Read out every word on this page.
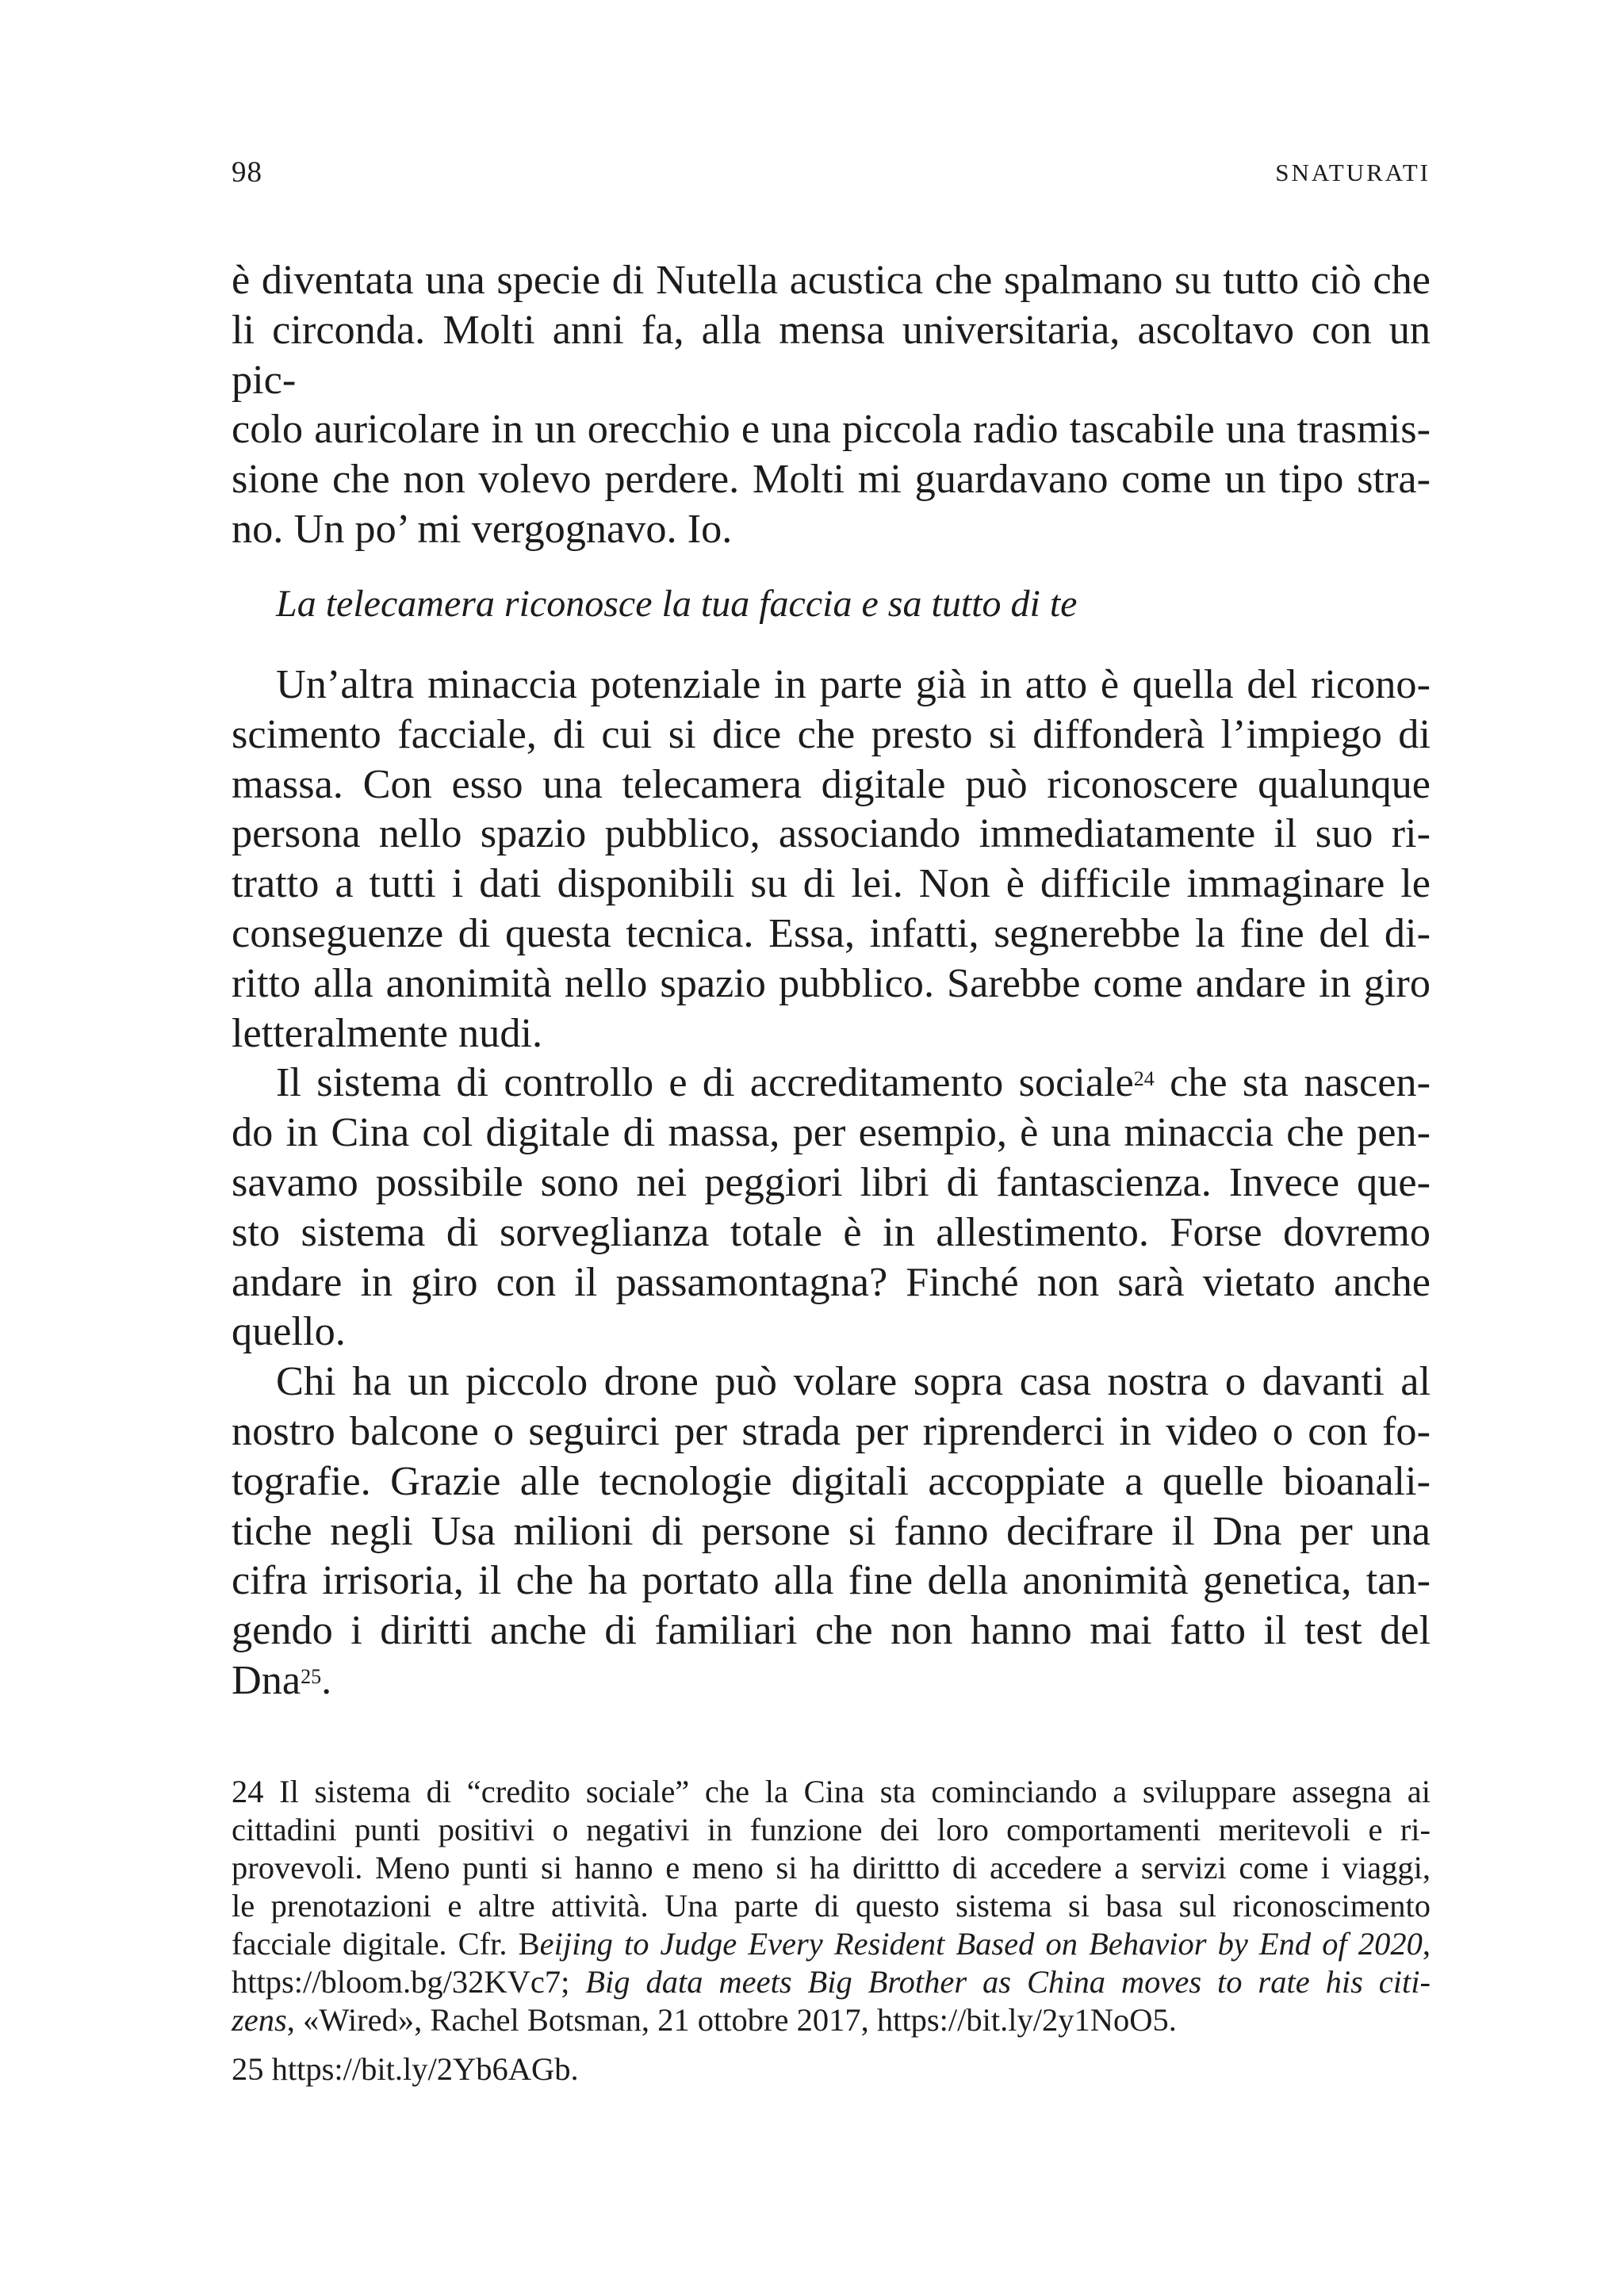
98	SNATURATI

è diventata una specie di Nutella acustica che spalmano su tutto ciò che
li circonda. Molti anni fa, alla mensa universitaria, ascoltavo con un pic-
colo auricolare in un orecchio e una piccola radio tascabile una trasmis-
sione che non volevo perdere. Molti mi guardavano come un tipo stra-
no. Un po’ mi vergognavo. Io.

La telecamera riconosce la tua faccia e sa tutto di te

Un’altra minaccia potenziale in parte già in atto è quella del ricono-
scimento facciale, di cui si dice che presto si diffonderà l’impiego di
massa. Con esso una telecamera digitale può riconoscere qualunque
persona nello spazio pubblico, associando immediatamente il suo ri-
tratto a tutti i dati disponibili su di lei. Non è difficile immaginare le
conseguenze di questa tecnica. Essa, infatti, segnerebbe la fine del di-
ritto alla anonimità nello spazio pubblico. Sarebbe come andare in giro
letteralmente nudi.

Il sistema di controllo e di accreditamento sociale$^{24}$ che sta nascen-
do in Cina col digitale di massa, per esempio, è una minaccia che pen-
savamo possibile sono nei peggiori libri di fantascienza. Invece que-
sto sistema di sorveglianza totale è in allestimento. Forse dovremo
andare in giro con il passamontagna? Finché non sarà vietato anche
quello.

Chi ha un piccolo drone può volare sopra casa nostra o davanti al
nostro balcone o seguirci per strada per riprenderci in video o con fo-
tografie. Grazie alle tecnologie digitali accoppiate a quelle bioanali-
tiche negli Usa milioni di persone si fanno decifrare il Dna per una
cifra irrisoria, il che ha portato alla fine della anonimità genetica, tan-
gendo i diritti anche di familiari che non hanno mai fatto il test del
Dna$^{25}$.

24 Il sistema di “credito sociale” che la Cina sta cominciando a sviluppare assegna ai
cittadini punti positivi o negativi in funzione dei loro comportamenti meritevoli e ri-
provevoli. Meno punti si hanno e meno si ha dirittto di accedere a servizi come i viaggi,
le prenotazioni e altre attività. Una parte di questo sistema si basa sul riconoscimento
facciale digitale. Cfr. Beijing to Judge Every Resident Based on Behavior by End of 2020,
https://bloom.bg/32KVc7; Big data meets Big Brother as China moves to rate his citi-
zens, «Wired», Rachel Botsman, 21 ottobre 2017, https://bit.ly/2y1NoO5.

25 https://bit.ly/2Yb6AGb.
